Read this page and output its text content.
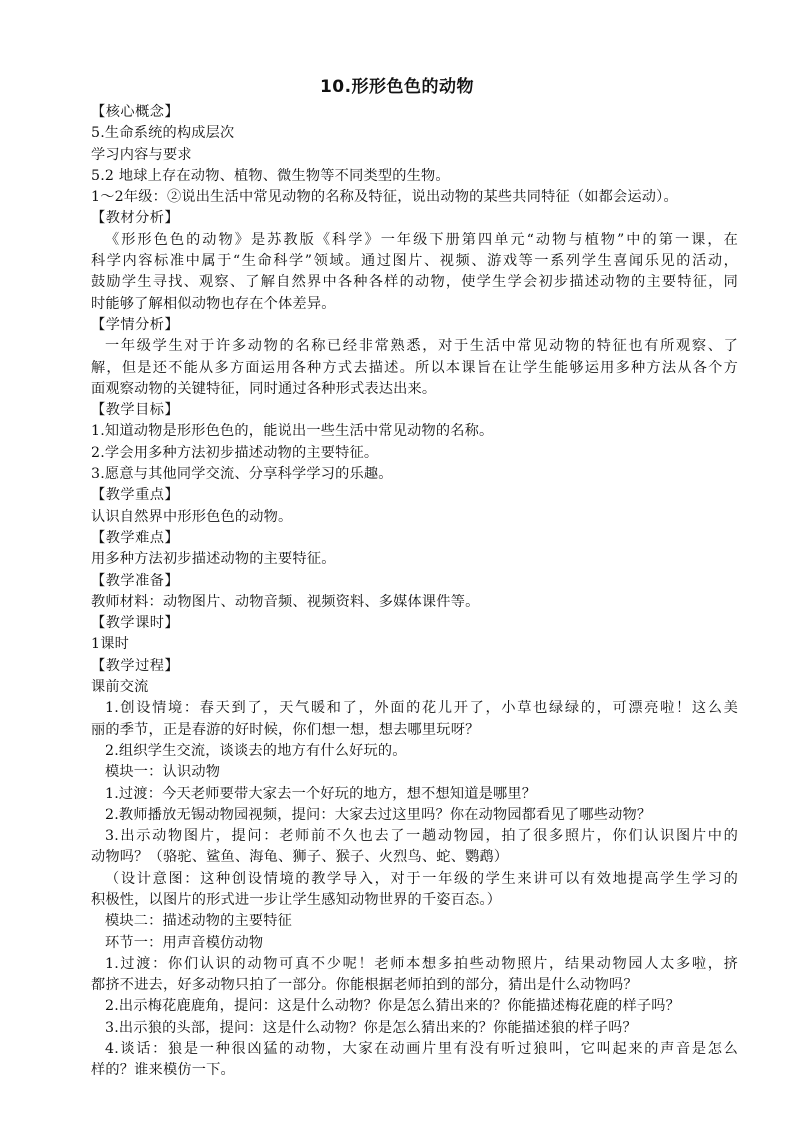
10.形形色色的动物
【核心概念】
5.生命系统的构成层次
学习内容与要求
5.2 地球上存在动物、植物、微生物等不同类型的生物。
1～2年级：②说出生活中常见动物的名称及特征，说出动物的某些共同特征（如都会运动）。
【教材分析】
《形形色色的动物》是苏教版《科学》一年级下册第四单元“动物与植物”中的第一课，在
科学内容标准中属于“生命科学”领域。通过图片、视频、游戏等一系列学生喜闻乐见的活动，
鼓励学生寻找、观察、了解自然界中各种各样的动物，使学生学会初步描述动物的主要特征，同
时能够了解相似动物也存在个体差异。
【学情分析】
一年级学生对于许多动物的名称已经非常熟悉，对于生活中常见动物的特征也有所观察、了
解，但是还不能从多方面运用各种方式去描述。所以本课旨在让学生能够运用多种方法从各个方
面观察动物的关键特征，同时通过各种形式表达出来。
【教学目标】
1.知道动物是形形色色的，能说出一些生活中常见动物的名称。
2.学会用多种方法初步描述动物的主要特征。
3.愿意与其他同学交流、分享科学学习的乐趣。
【教学重点】
认识自然界中形形色色的动物。
【教学难点】
用多种方法初步描述动物的主要特征。
【教学准备】
教师材料：动物图片、动物音频、视频资料、多媒体课件等。
【教学课时】
1课时
【教学过程】
课前交流
1.创设情境：春天到了，天气暖和了，外面的花儿开了，小草也绿绿的，可漂亮啦！这么美
丽的季节，正是春游的好时候，你们想一想，想去哪里玩呀？
2.组织学生交流，谈谈去的地方有什么好玩的。
模块一：认识动物
1.过渡：今天老师要带大家去一个好玩的地方，想不想知道是哪里？
2.教师播放无锡动物园视频，提问：大家去过这里吗？你在动物园都看见了哪些动物？
3.出示动物图片，提问：老师前不久也去了一趟动物园，拍了很多照片，你们认识图片中的
动物吗？（骆驼、鲨鱼、海龟、狮子、猴子、火烈鸟、蛇、鹦鹉）
（设计意图：这种创设情境的教学导入，对于一年级的学生来讲可以有效地提高学生学习的
积极性，以图片的形式进一步让学生感知动物世界的千姿百态。）
模块二：描述动物的主要特征
环节一：用声音模仿动物
1.过渡：你们认识的动物可真不少呢！老师本想多拍些动物照片，结果动物园人太多啦，挤
都挤不进去，好多动物只拍了一部分。你能根据老师拍到的部分，猜出是什么动物吗？
2.出示梅花鹿鹿角，提问：这是什么动物？你是怎么猜出来的？你能描述梅花鹿的样子吗？
3.出示狼的头部，提问：这是什么动物？你是怎么猜出来的？你能描述狼的样子吗？
4.谈话：狼是一种很凶猛的动物，大家在动画片里有没有听过狼叫，它叫起来的声音是怎么
样的？谁来模仿一下。
